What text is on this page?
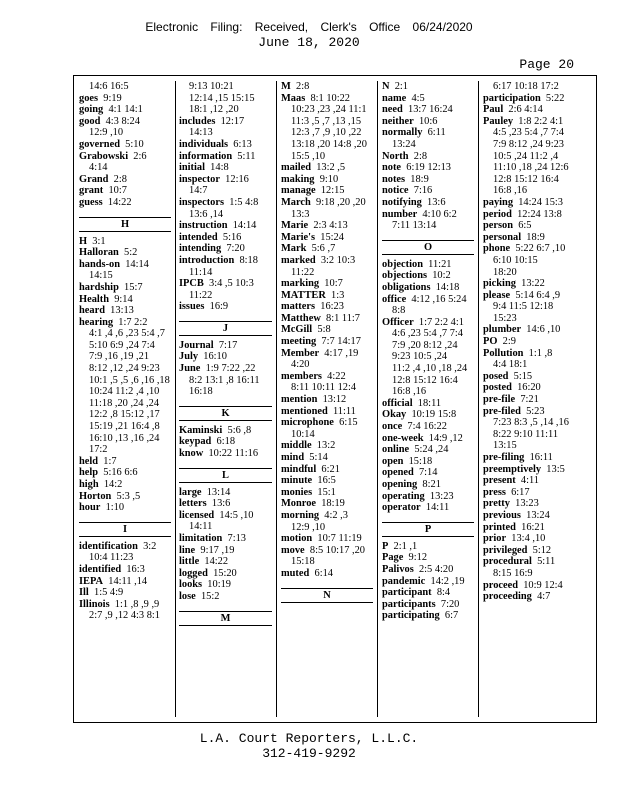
Electronic Filing: Received, Clerk's Office 06/24/2020
June 18, 2020
Page 20
14:6 16:5
goes  9:19
going  4:1 14:1
good  4:3 8:24
12:9 ,10
governed  5:10
Grabowski  2:6
4:14
Grand  2:8
grant  10:7
guess  14:22
H
H  3:1
Halloran  5:2
hands-on  14:14
14:15
hardship  15:7
Health  9:14
heard  13:13
hearing  1:7 2:2
4:1 ,4 ,6 ,23 5:4 ,7
5:10 6:9 ,24 7:4
7:9 ,16 ,19 ,21
8:12 ,12 ,24 9:23
10:1 ,5 ,5 ,6 ,16 ,18
10:24 11:2 ,4 ,10
11:18 ,20 ,24 ,24
12:2 ,8 15:12 ,17
15:19 ,21 16:4 ,8
16:10 ,13 ,16 ,24
17:2
held  1:7
help  5:16 6:6
high  14:2
Horton  5:3 ,5
hour  1:10
I
identification  3:2
10:4 11:23
identified  16:3
IEPA  14:11 ,14
Ill  1:5 4:9
Illinois  1:1 ,8 ,9 ,9
2:7 ,9 ,12 4:3 8:1
9:13 10:21
12:14 ,15 15:15
18:1 ,12 ,20
includes  12:17
14:13
individuals  6:13
information  5:11
initial  14:8
inspector  12:16
14:7
inspectors  1:5 4:8
13:6 ,14
instruction  14:14
intended  5:16
intending  7:20
introduction  8:18
11:14
IPCB  3:4 ,5 10:3
11:22
issues  16:9
J
Journal  7:17
July  16:10
June  1:9 7:22 ,22
8:2 13:1 ,8 16:11
16:18
K
Kaminski  5:6 ,8
keypad  6:18
know  10:22 11:16
L
large  13:14
letters  13:6
licensed  14:5 ,10
14:11
limitation  7:13
line  9:17 ,19
little  14:22
logged  15:20
looks  10:19
lose  15:2
M
M  2:8
Maas  8:1 10:22
10:23 ,23 ,24 11:1
11:3 ,5 ,7 ,13 ,15
12:3 ,7 ,9 ,10 ,22
13:18 ,20 14:8 ,20
15:5 ,10
mailed  13:2 ,5
making  9:10
manage  12:15
March  9:18 ,20 ,20
13:3
Marie  2:3 4:13
Marie's  15:24
Mark  5:6 ,7
marked  3:2 10:3
11:22
marking  10:7
MATTER  1:3
matters  16:23
Matthew  8:1 11:7
McGill  5:8
meeting  7:7 14:17
Member  4:17 ,19
4:20
members  4:22
8:11 10:11 12:4
mention  13:12
mentioned  11:11
microphone  6:15
10:14
middle  13:2
mind  5:14
mindful  6:21
minute  16:5
monies  15:1
Monroe  18:19
morning  4:2 ,3
12:9 ,10
motion  10:7 11:19
move  8:5 10:17 ,20
15:18
muted  6:14
N
N  2:1
name  4:5
need  13:7 16:24
neither  10:6
normally  6:11
13:24
North  2:8
note  6:19 12:13
notes  18:9
notice  7:16
notifying  13:6
number  4:10 6:2
7:11 13:14
O
objection  11:21
objections  10:2
obligations  14:18
office  4:12 ,16 5:24
8:8
Officer  1:7 2:2 4:1
4:6 ,23 5:4 ,7 7:4
7:9 ,20 8:12 ,24
9:23 10:5 ,24
11:2 ,4 ,10 ,18 ,24
12:8 15:12 16:4
16:8 ,16
official  18:11
Okay  10:19 15:8
once  7:4 16:22
one-week  14:9 ,12
online  5:24 ,24
open  15:18
opened  7:14
opening  8:21
operating  13:23
operator  14:11
P
P  2:1 ,1
Page  9:12
Palivos  2:5 4:20
pandemic  14:2 ,19
participant  8:4
participants  7:20
participating  6:7
6:17 10:18 17:2
participation  5:22
Paul  2:6 4:14
Pauley  1:8 2:2 4:1
4:5 ,23 5:4 ,7 7:4
7:9 8:12 ,24 9:23
10:5 ,24 11:2 ,4
11:10 ,18 ,24 12:6
12:8 15:12 16:4
16:8 ,16
paying  14:24 15:3
period  12:24 13:8
person  6:5
personal  18:9
phone  5:22 6:7 ,10
6:10 10:15
18:20
picking  13:22
please  5:14 6:4 ,9
9:4 11:5 12:18
15:23
plumber  14:6 ,10
PO  2:9
Pollution  1:1 ,8
4:4 18:1
posed  5:15
posted  16:20
pre-file  7:21
pre-filed  5:23
7:23 8:3 ,5 ,14 ,16
8:22 9:10 11:11
13:15
pre-filing  16:11
preemptively  13:5
present  4:11
press  6:17
pretty  13:23
previous  13:24
printed  16:21
prior  13:4 ,10
privileged  5:12
procedural  5:11
8:15 16:9
proceed  10:9 12:4
proceeding  4:7
L.A. Court Reporters, L.L.C.
312-419-9292
